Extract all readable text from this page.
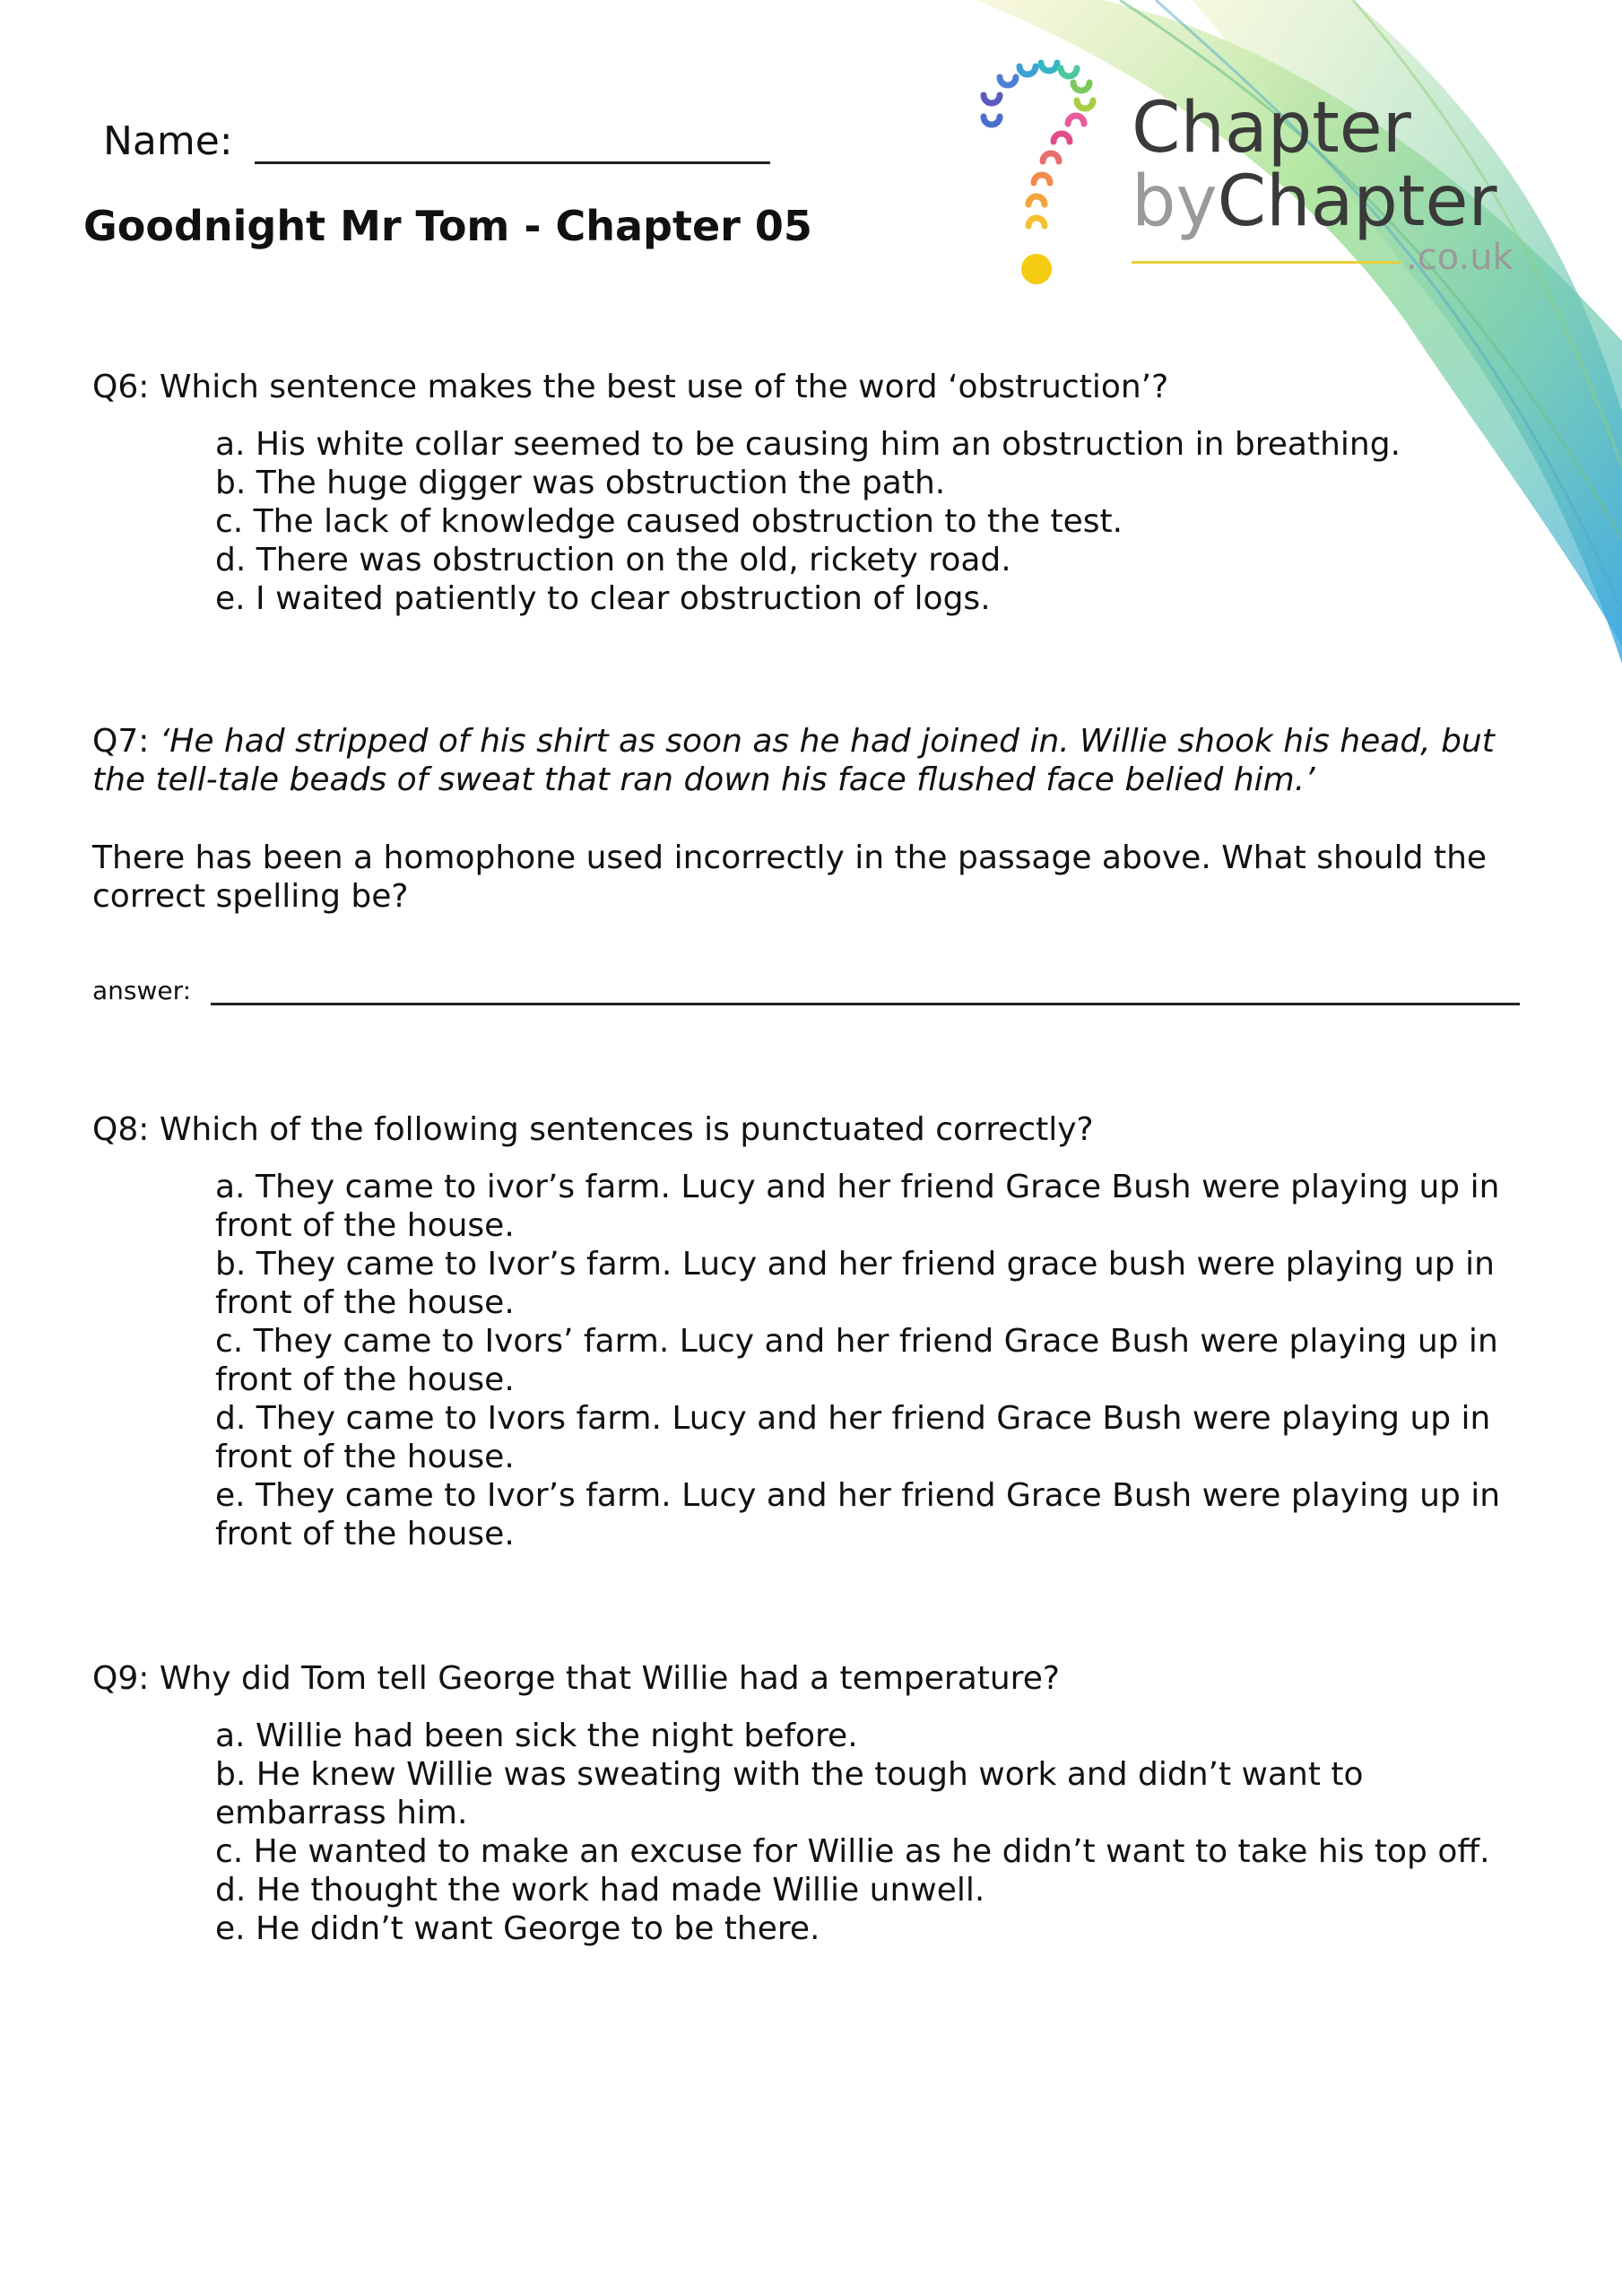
Name:
Goodnight Mr Tom - Chapter 05
Chapter
byChapter
.co.uk
Q6: Which sentence makes the best use of the word ‘obstruction’?

a. His white collar seemed to be causing him an obstruction in breathing.

b. The huge digger was obstruction the path.

c. The lack of knowledge caused obstruction to the test.

d. There was obstruction on the old, rickety road.

e. I waited patiently to clear obstruction of logs.

Q7: ‘He had stripped of his shirt as soon as he had joined in. Willie shook his head, but the tell-tale beads of sweat that ran down his face flushed face belied him.’
There has been a homophone used incorrectly in the passage above. What should the correct spelling be?
answer:
Q8: Which of the following sentences is punctuated correctly?

a. They came to ivor’s farm. Lucy and her friend Grace Bush were playing up in front of the house.

b. They came to Ivor’s farm. Lucy and her friend grace bush were playing up in front of the house.

c. They came to Ivors’ farm. Lucy and her friend Grace Bush were playing up in front of the house.

d. They came to Ivors farm. Lucy and her friend Grace Bush were playing up in front of the house.

e. They came to Ivor’s farm. Lucy and her friend Grace Bush were playing up in front of the house.

Q9: Why did Tom tell George that Willie had a temperature?

a. Willie had been sick the night before.

b. He knew Willie was sweating with the tough work and didn’t want to embarrass him.

c. He wanted to make an excuse for Willie as he didn’t want to take his top off.

d. He thought the work had made Willie unwell.

e. He didn’t want George to be there.
